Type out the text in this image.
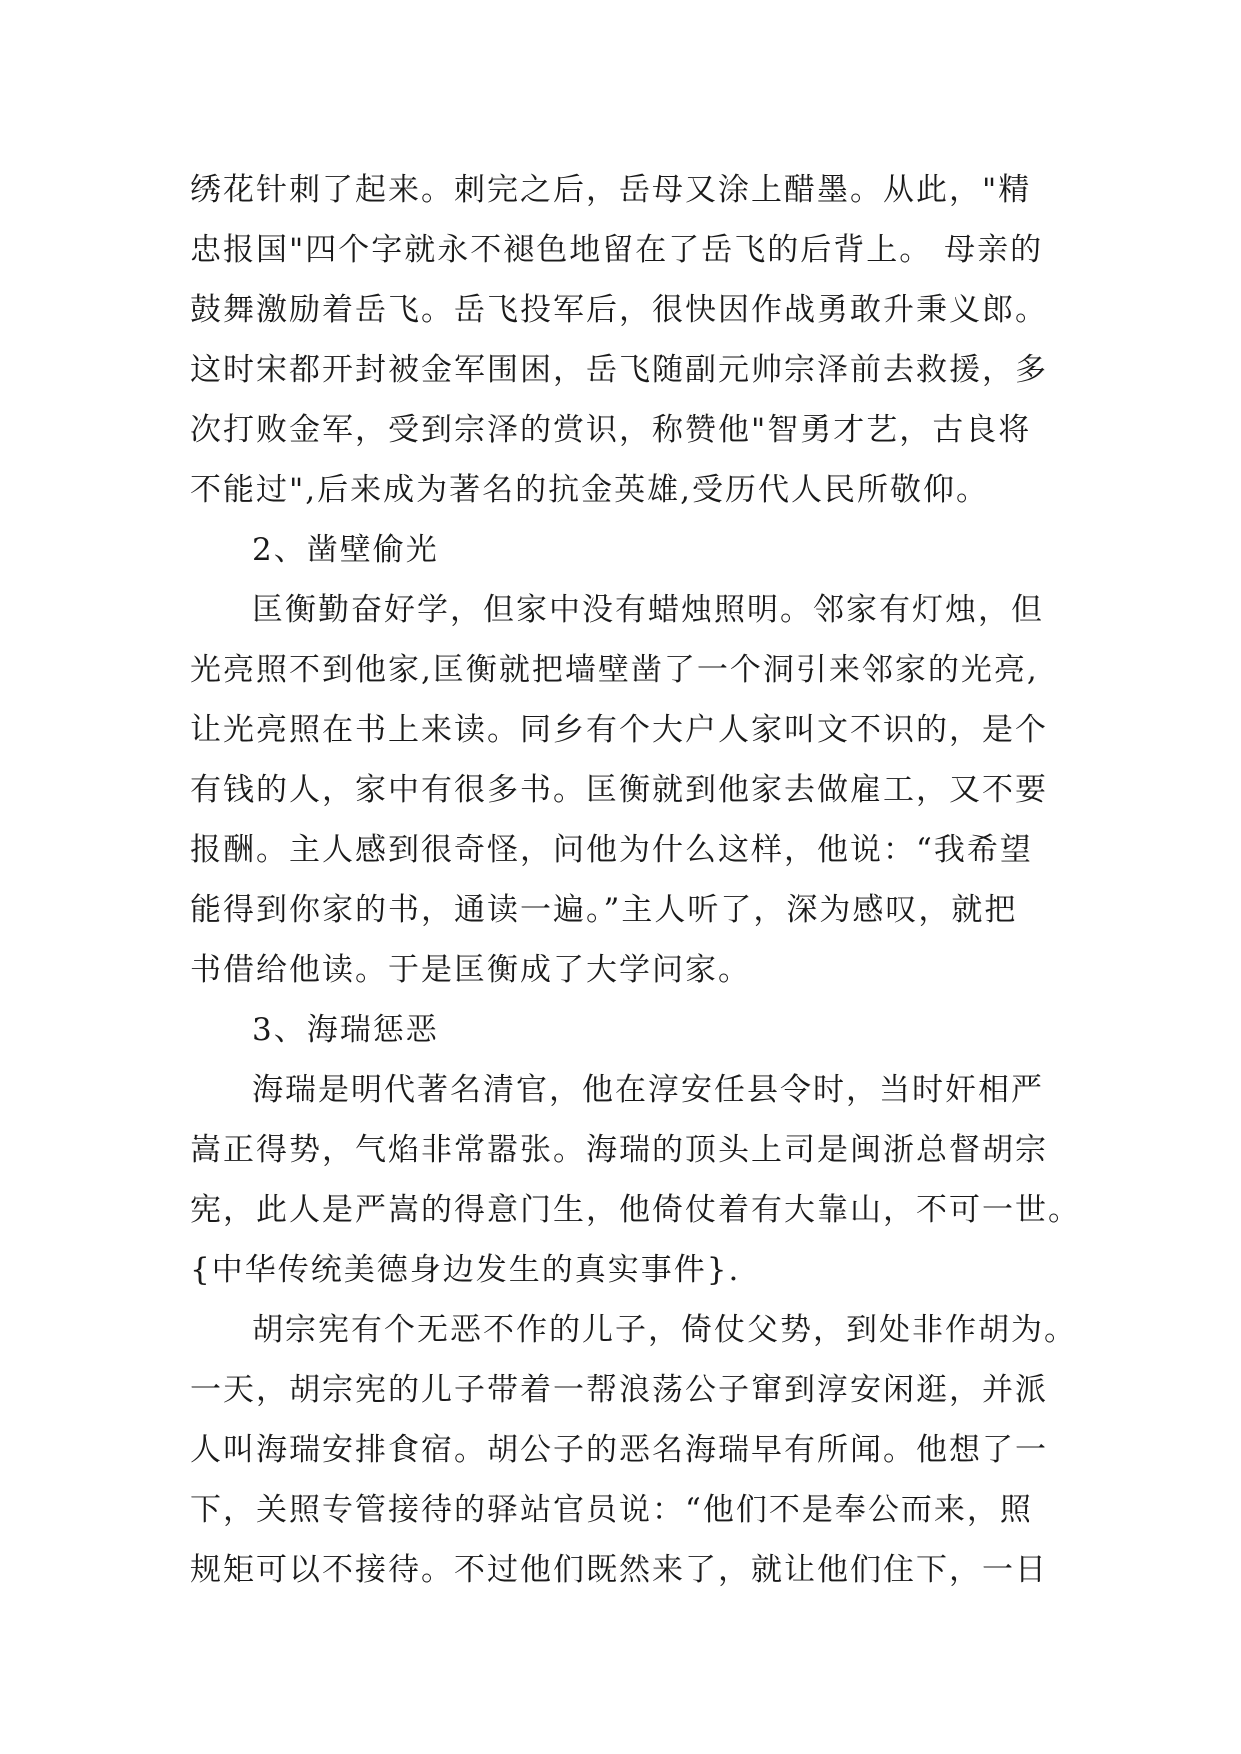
绣花针刺了起来。刺完之后，岳母又涂上醋墨。从此，"精
忠报国"四个字就永不褪色地留在了岳飞的后背上。 母亲的
鼓舞激励着岳飞。岳飞投军后，很快因作战勇敢升秉义郎。
这时宋都开封被金军围困，岳飞随副元帅宗泽前去救援，多
次打败金军，受到宗泽的赏识，称赞他"智勇才艺，古良将
不能过",后来成为著名的抗金英雄,受历代人民所敬仰。
2、凿壁偷光
匡衡勤奋好学，但家中没有蜡烛照明。邻家有灯烛，但
光亮照不到他家,匡衡就把墙壁凿了一个洞引来邻家的光亮,
让光亮照在书上来读。同乡有个大户人家叫文不识的，是个
有钱的人，家中有很多书。匡衡就到他家去做雇工，又不要
报酬。主人感到很奇怪，问他为什么这样，他说：“我希望
能得到你家的书，通读一遍。”主人听了，深为感叹，就把
书借给他读。于是匡衡成了大学问家。
3、海瑞惩恶
海瑞是明代著名清官，他在淳安任县令时，当时奸相严
嵩正得势，气焰非常嚣张。海瑞的顶头上司是闽浙总督胡宗
宪，此人是严嵩的得意门生，他倚仗着有大靠山，不可一世。
{中华传统美德身边发生的真实事件}.
胡宗宪有个无恶不作的儿子，倚仗父势，到处非作胡为。
一天，胡宗宪的儿子带着一帮浪荡公子窜到淳安闲逛，并派
人叫海瑞安排食宿。胡公子的恶名海瑞早有所闻。他想了一
下，关照专管接待的驿站官员说：“他们不是奉公而来，照
规矩可以不接待。不过他们既然来了，就让他们住下，一日
